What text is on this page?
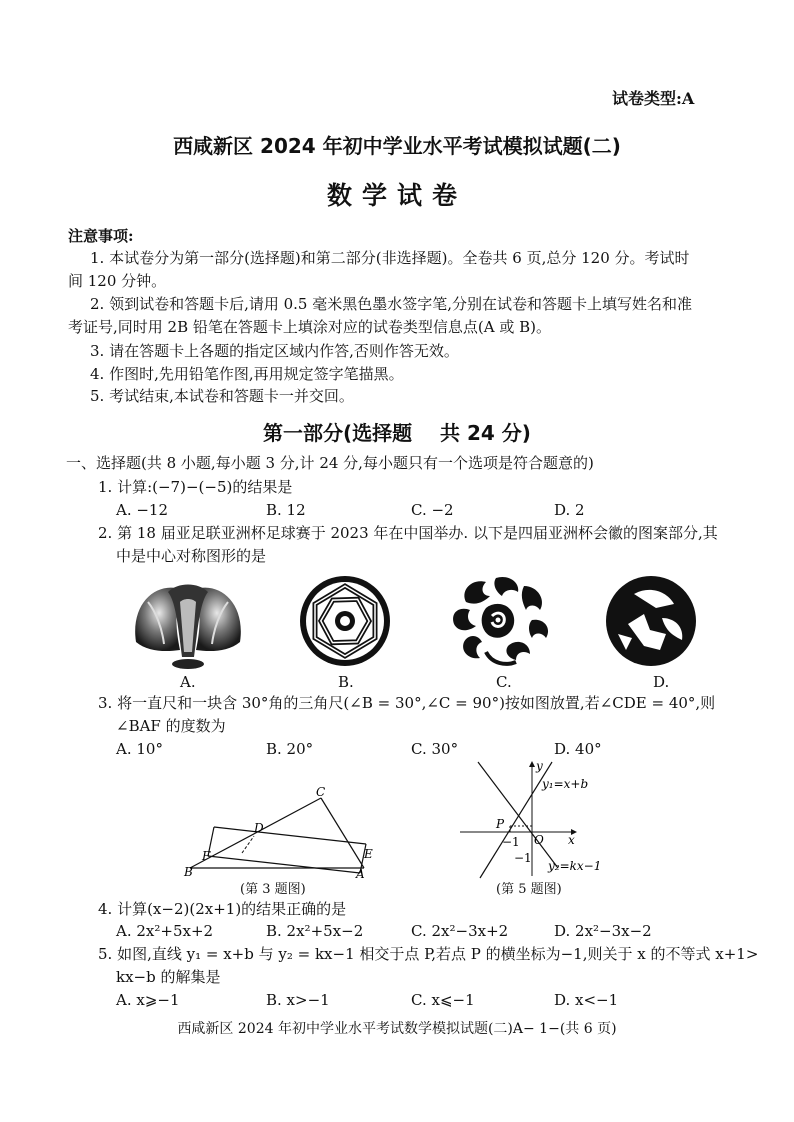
试卷类型:A
西咸新区 2024 年初中学业水平考试模拟试题(二)
数学试卷
注意事项:
1. 本试卷分为第一部分(选择题)和第二部分(非选择题)。全卷共 6 页,总分 120 分。考试时
间 120 分钟。
2. 领到试卷和答题卡后,请用 0.5 毫米黑色墨水签字笔,分别在试卷和答题卡上填写姓名和准
考证号,同时用 2B 铅笔在答题卡上填涂对应的试卷类型信息点(A 或 B)。
3. 请在答题卡上各题的指定区域内作答,否则作答无效。
4. 作图时,先用铅笔作图,再用规定签字笔描黑。
5. 考试结束,本试卷和答题卡一并交回。
第一部分(选择题    共 24 分)
一、选择题(共 8 小题,每小题 3 分,计 24 分,每小题只有一个选项是符合题意的)
1. 计算:(−7)−(−5)的结果是
A. −12	B. 12	C. −2	D. 2
2. 第 18 届亚足联亚洲杯足球赛于 2023 年在中国举办. 以下是四届亚洲杯会徽的图案部分,其
中是中心对称图形的是
A.	B.	C.	D.
3. 将一直尺和一块含 30°角的三角尺(∠B = 30°,∠C = 90°)按如图放置,若∠CDE = 40°,则
∠BAF 的度数为
A. 10°	B. 20°	C. 30°	D. 40°
C
D
F	E
B	A
(第 3 题图)
y
y₁=x+b
P
−1 O x
−1
y₂=kx−1
(第 5 题图)
4. 计算(x−2)(2x+1)的结果正确的是
A. 2x²+5x+2	B. 2x²+5x−2	C. 2x²−3x+2	D. 2x²−3x−2
5. 如图,直线 y₁ = x+b 与 y₂ = kx−1 相交于点 P,若点 P 的横坐标为−1,则关于 x 的不等式 x+1>
kx−b 的解集是
A. x⩾−1	B. x>−1	C. x⩽−1	D. x<−1
西咸新区 2024 年初中学业水平考试数学模拟试题(二)A− 1−(共 6 页)
